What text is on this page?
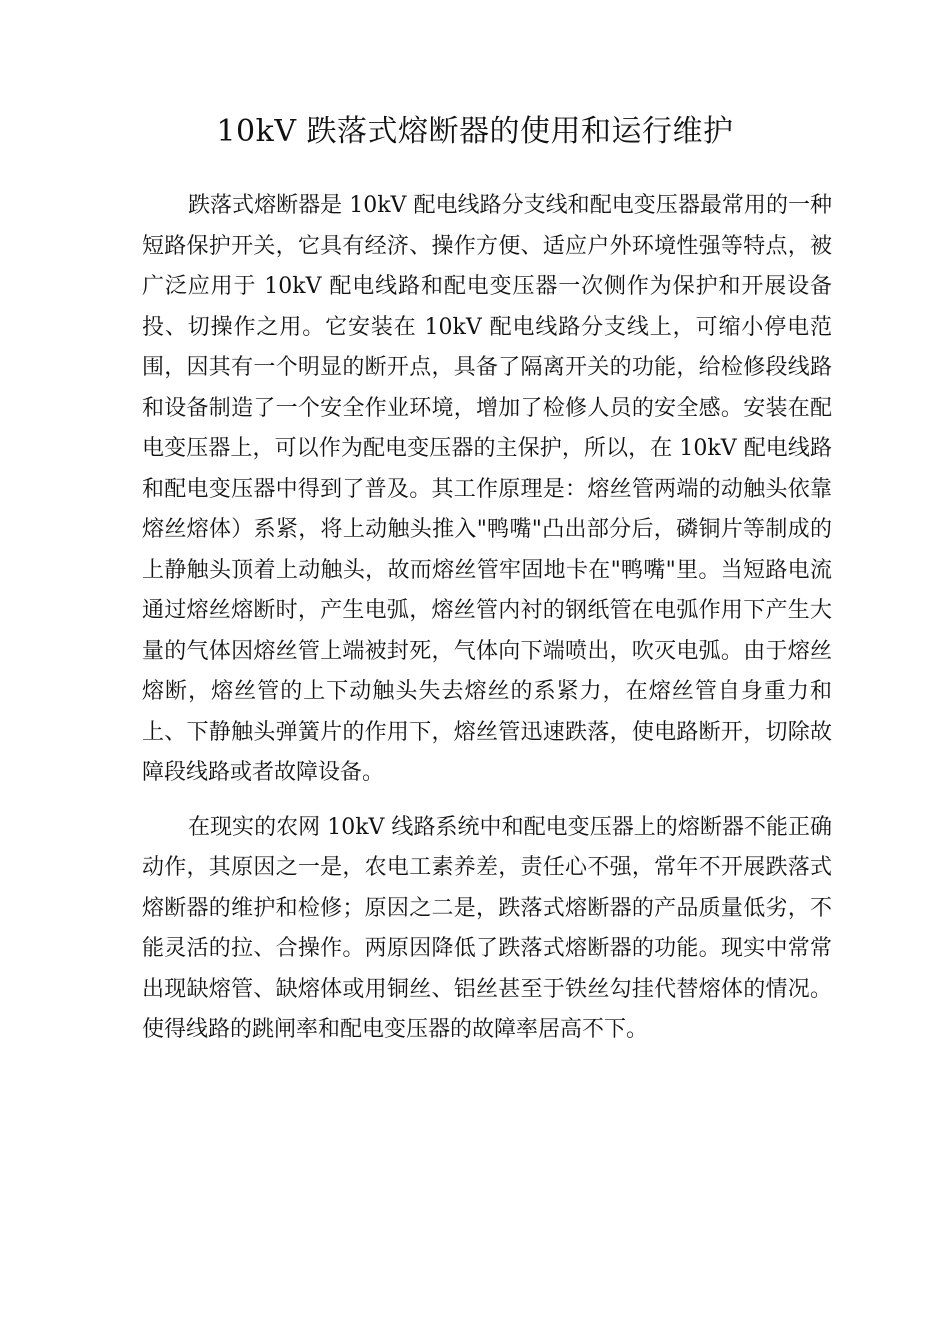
10kV 跌落式熔断器的使用和运行维护

跌落式熔断器是 10kV 配电线路分支线和配电变压器最常用的一种短路保护开关，它具有经济、操作方便、适应户外环境性强等特点，被广泛应用于 10kV 配电线路和配电变压器一次侧作为保护和开展设备投、切操作之用。它安装在 10kV 配电线路分支线上，可缩小停电范围，因其有一个明显的断开点，具备了隔离开关的功能，给检修段线路和设备制造了一个安全作业环境，增加了检修人员的安全感。安装在配电变压器上，可以作为配电变压器的主保护，所以，在 10kV 配电线路和配电变压器中得到了普及。其工作原理是：熔丝管两端的动触头依靠熔丝熔体）系紧，将上动触头推入"鸭嘴"凸出部分后，磷铜片等制成的上静触头顶着上动触头，故而熔丝管牢固地卡在"鸭嘴"里。当短路电流通过熔丝熔断时，产生电弧，熔丝管内衬的钢纸管在电弧作用下产生大量的气体因熔丝管上端被封死，气体向下端喷出，吹灭电弧。由于熔丝熔断，熔丝管的上下动触头失去熔丝的系紧力，在熔丝管自身重力和上、下静触头弹簧片的作用下，熔丝管迅速跌落，使电路断开，切除故障段线路或者故障设备。

在现实的农网 10kV 线路系统中和配电变压器上的熔断器不能正确动作，其原因之一是，农电工素养差，责任心不强，常年不开展跌落式熔断器的维护和检修；原因之二是，跌落式熔断器的产品质量低劣，不能灵活的拉、合操作。两原因降低了跌落式熔断器的功能。现实中常常出现缺熔管、缺熔体或用铜丝、铝丝甚至于铁丝勾挂代替熔体的情况。使得线路的跳闸率和配电变压器的故障率居高不下。
